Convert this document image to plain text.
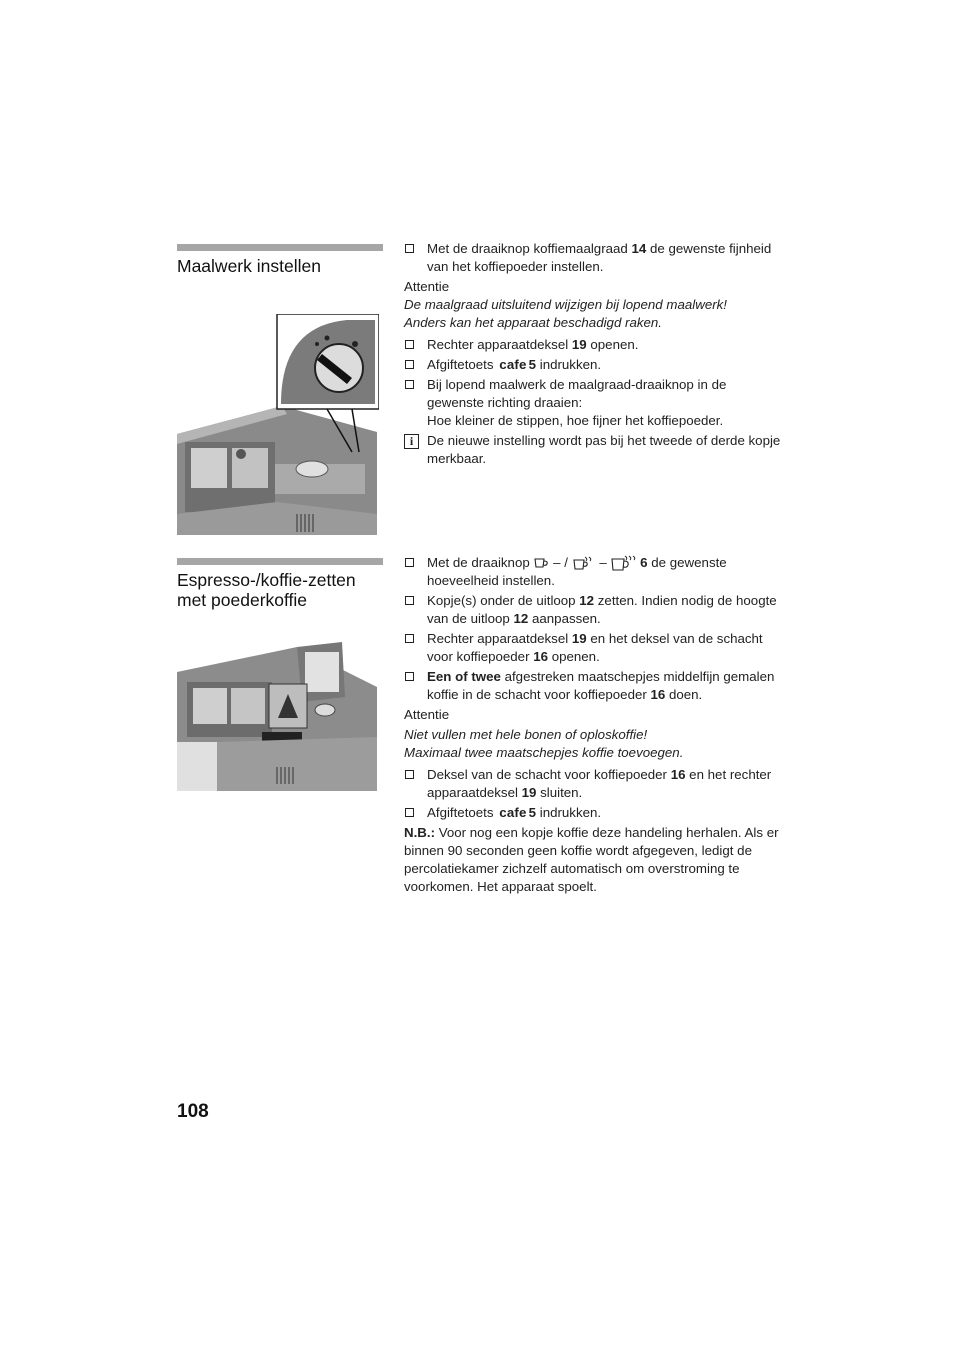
Maalwerk instellen
Met de draaiknop koffiemaalgraad 14 de gewenste fijnheid van het koffiepoeder instellen.
Attentie
De maalgraad uitsluitend wijzigen bij lopend maalwerk!
Anders kan het apparaat beschadigd raken.
Rechter apparaatdeksel 19 openen.
Afgiftetoets cafe 5 indrukken.
Bij lopend maalwerk de maalgraad-draaiknop in de gewenste richting draaien:
Hoe kleiner de stippen, hoe fijner het koffiepoeder.
i	De nieuwe instelling wordt pas bij het tweede of derde kopje merkbaar.
Espresso-/koffie-zetten
met poederkoffie
Met de draaiknop – / –	6 de gewenste hoeveelheid instellen.
Kopje(s) onder de uitloop 12 zetten. Indien nodig de hoogte van de uitloop 12 aanpassen.
Rechter apparaatdeksel 19 en het deksel van de schacht voor koffiepoeder 16 openen.
Een of twee afgestreken maatschepjes middelfijn gemalen koffie in de schacht voor koffiepoeder 16 doen.
Attentie
Niet vullen met hele bonen of oploskoffie!
Maximaal twee maatschepjes koffie toevoegen.
Deksel van de schacht voor koffiepoeder 16 en het rechter apparaatdeksel 19 sluiten.
Afgiftetoets cafe 5 indrukken.
N.B.: Voor nog een kopje koffie deze handeling herhalen. Als er binnen 90 seconden geen koffie wordt afgegeven, ledigt de percolatiekamer zichzelf automatisch om overstroming te voorkomen. Het apparaat spoelt.
108
